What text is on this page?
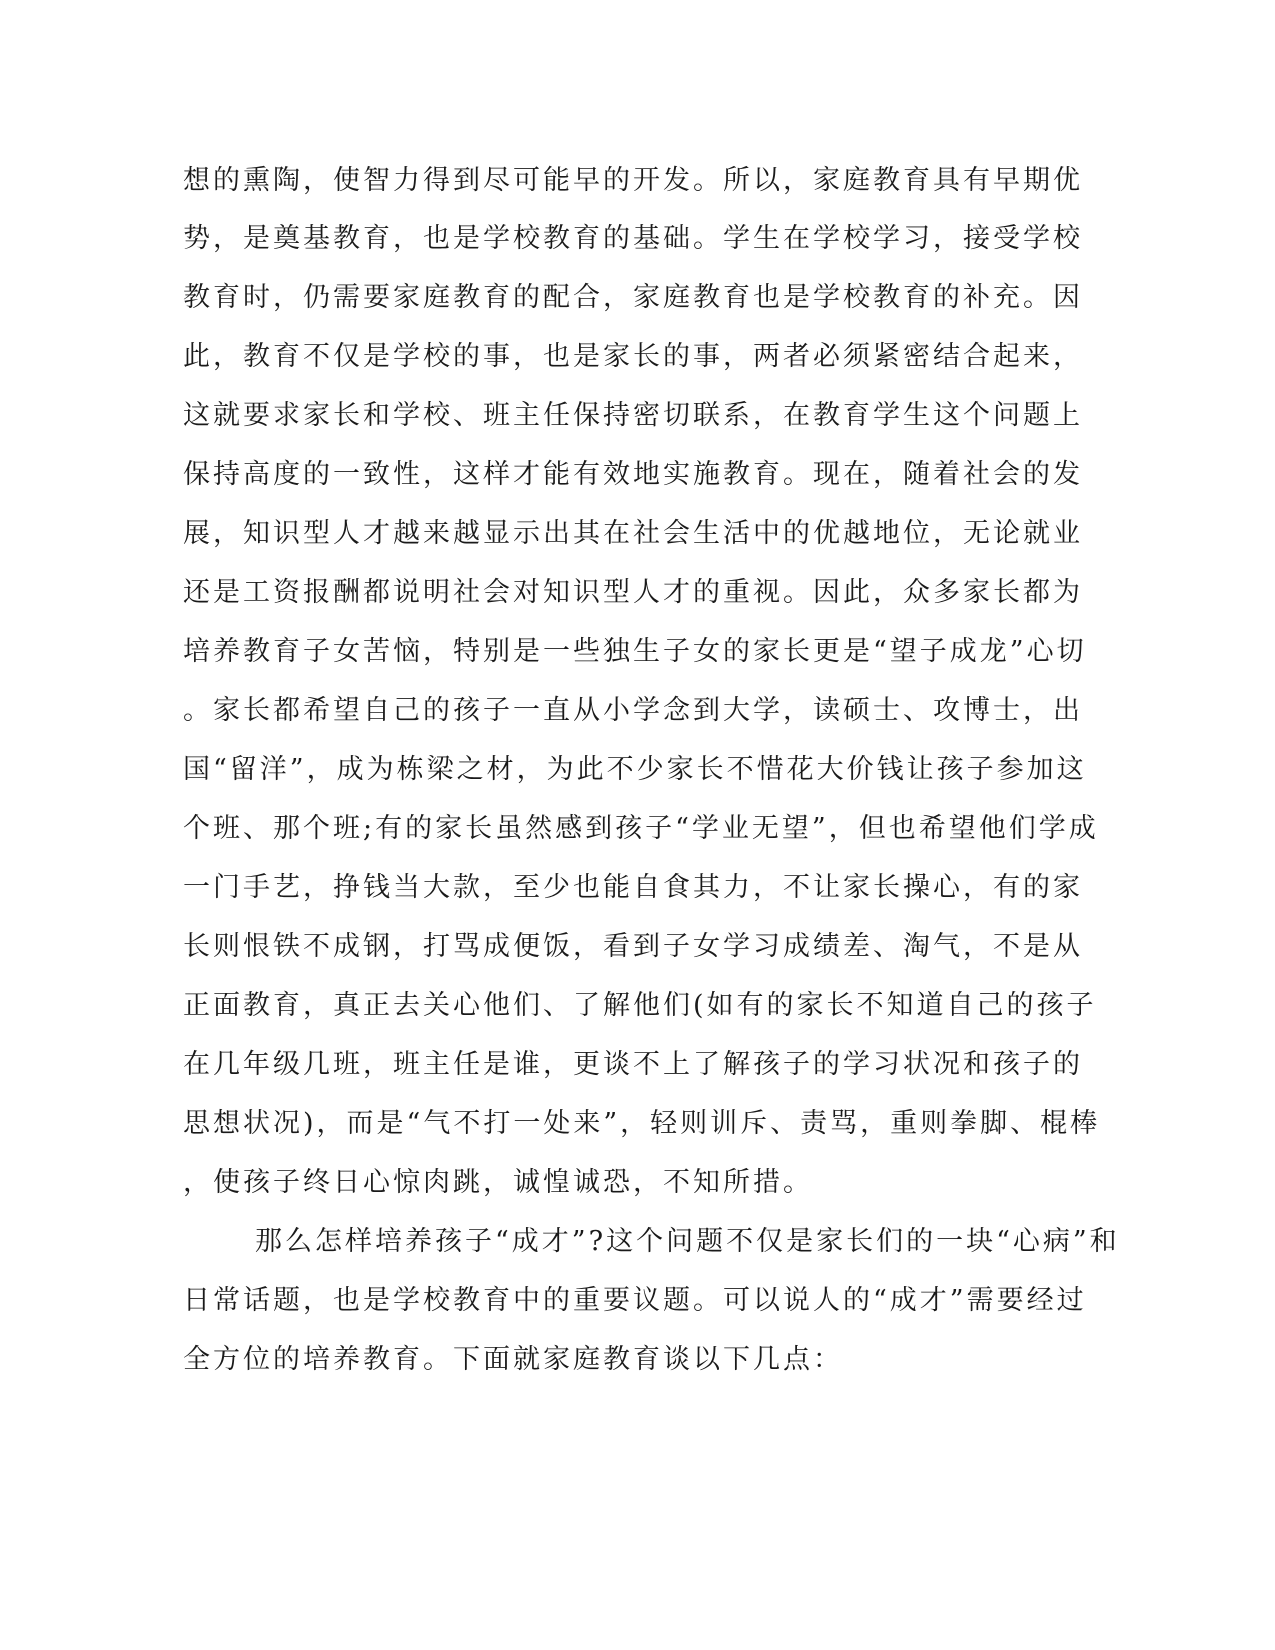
想的熏陶，使智力得到尽可能早的开发。所以，家庭教育具有早期优
势，是奠基教育，也是学校教育的基础。学生在学校学习，接受学校
教育时，仍需要家庭教育的配合，家庭教育也是学校教育的补充。因
此，教育不仅是学校的事，也是家长的事，两者必须紧密结合起来，
这就要求家长和学校、班主任保持密切联系，在教育学生这个问题上
保持高度的一致性，这样才能有效地实施教育。现在，随着社会的发
展，知识型人才越来越显示出其在社会生活中的优越地位，无论就业
还是工资报酬都说明社会对知识型人才的重视。因此，众多家长都为
培养教育子女苦恼，特别是一些独生子女的家长更是“望子成龙”心切
。家长都希望自己的孩子一直从小学念到大学，读硕士、攻博士，出
国“留洋”，成为栋梁之材，为此不少家长不惜花大价钱让孩子参加这
个班、那个班;有的家长虽然感到孩子“学业无望”，但也希望他们学成
一门手艺，挣钱当大款，至少也能自食其力，不让家长操心，有的家
长则恨铁不成钢，打骂成便饭，看到子女学习成绩差、淘气，不是从
正面教育，真正去关心他们、了解他们(如有的家长不知道自己的孩子
在几年级几班，班主任是谁，更谈不上了解孩子的学习状况和孩子的
思想状况)，而是“气不打一处来”，轻则训斥、责骂，重则拳脚、棍棒
，使孩子终日心惊肉跳，诚惶诚恐，不知所措。
那么怎样培养孩子“成才”?这个问题不仅是家长们的一块“心病”和
日常话题，也是学校教育中的重要议题。可以说人的“成才”需要经过
全方位的培养教育。下面就家庭教育谈以下几点：
